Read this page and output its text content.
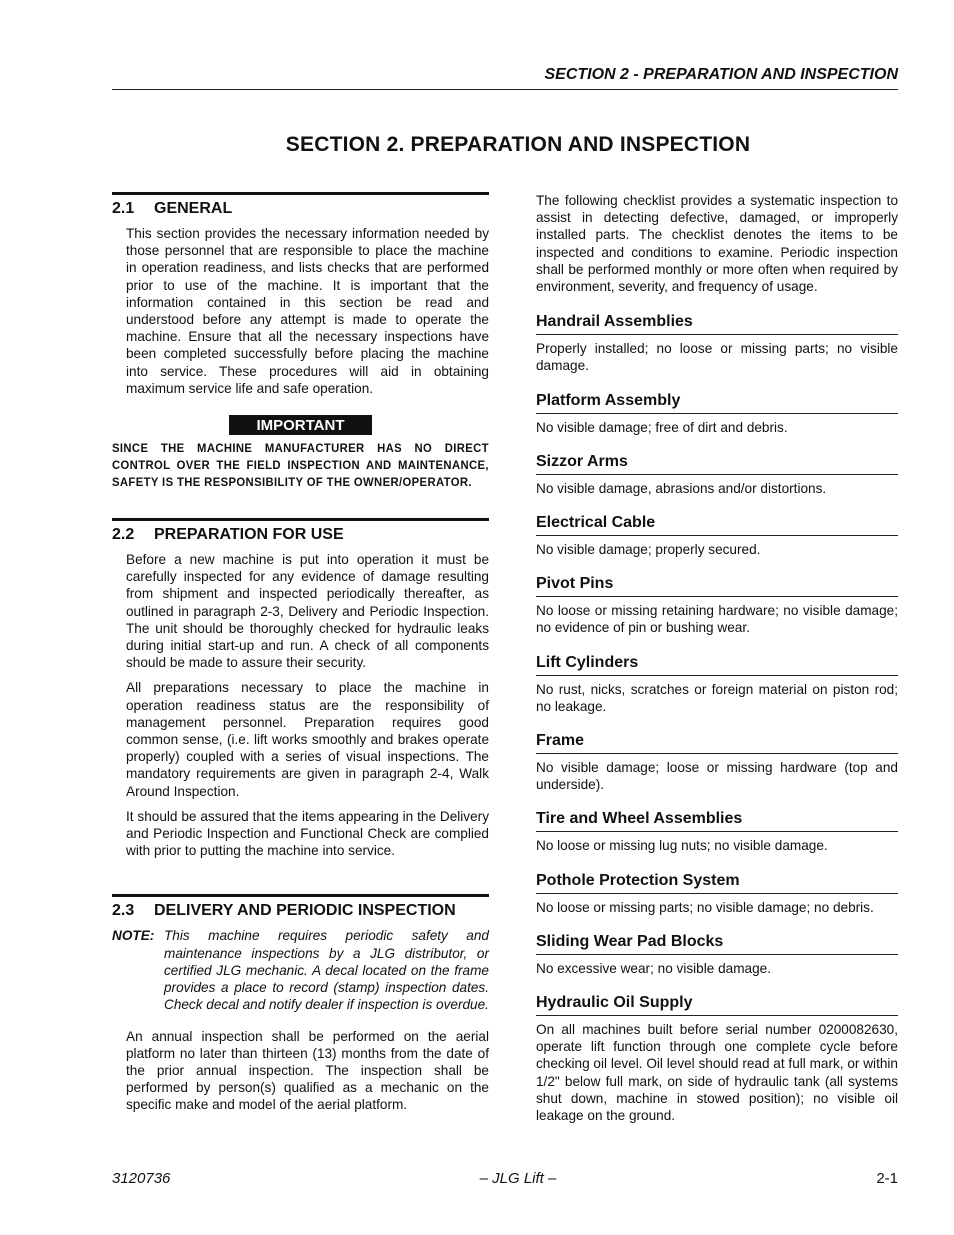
SECTION 2 - PREPARATION AND INSPECTION
SECTION 2. PREPARATION AND INSPECTION
2.1 GENERAL

This section provides the necessary information needed by those personnel that are responsible to place the machine in operation readiness, and lists checks that are performed prior to use of the machine. It is important that the information contained in this section be read and understood before any attempt is made to operate the machine. Ensure that all the necessary inspections have been completed successfully before placing the machine into service. These procedures will aid in obtaining maximum service life and safe operation.

IMPORTANT

SINCE THE MACHINE MANUFACTURER HAS NO DIRECT CONTROL OVER THE FIELD INSPECTION AND MAINTENANCE, SAFETY IS THE RESPONSIBILITY OF THE OWNER/OPERATOR.

2.2 PREPARATION FOR USE

Before a new machine is put into operation it must be carefully inspected for any evidence of damage resulting from shipment and inspected periodically thereafter, as outlined in paragraph 2-3, Delivery and Periodic Inspection. The unit should be thoroughly checked for hydraulic leaks during initial start-up and run. A check of all components should be made to assure their security.

All preparations necessary to place the machine in operation readiness status are the responsibility of management personnel. Preparation requires good common sense, (i.e. lift works smoothly and brakes operate properly) coupled with a series of visual inspections. The mandatory requirements are given in paragraph 2-4, Walk Around Inspection.

It should be assured that the items appearing in the Delivery and Periodic Inspection and Functional Check are complied with prior to putting the machine into service.

2.3 DELIVERY AND PERIODIC INSPECTION
NOTE: This machine requires periodic safety and maintenance inspections by a JLG distributor, or certified JLG mechanic. A decal located on the frame provides a place to record (stamp) inspection dates. Check decal and notify dealer if inspection is overdue.

An annual inspection shall be performed on the aerial platform no later than thirteen (13) months from the date of the prior annual inspection. The inspection shall be performed by person(s) qualified as a mechanic on the specific make and model of the aerial platform.

The following checklist provides a systematic inspection to assist in detecting defective, damaged, or improperly installed parts. The checklist denotes the items to be inspected and conditions to examine. Periodic inspection shall be performed monthly or more often when required by environment, severity, and frequency of usage.

Handrail Assemblies

Properly installed; no loose or missing parts; no visible damage.

Platform Assembly

No visible damage; free of dirt and debris.

Sizzor Arms

No visible damage, abrasions and/or distortions.

Electrical Cable

No visible damage; properly secured.

Pivot Pins

No loose or missing retaining hardware; no visible damage; no evidence of pin or bushing wear.

Lift Cylinders

No rust, nicks, scratches or foreign material on piston rod; no leakage.

Frame

No visible damage; loose or missing hardware (top and underside).

Tire and Wheel Assemblies

No loose or missing lug nuts; no visible damage.

Pothole Protection System

No loose or missing parts; no visible damage; no debris.

Sliding Wear Pad Blocks

No excessive wear; no visible damage.

Hydraulic Oil Supply

On all machines built before serial number 0200082630, operate lift function through one complete cycle before checking oil level. Oil level should read at full mark, or within 1/2" below full mark, on side of hydraulic tank (all systems shut down, machine in stowed position); no visible oil leakage on the ground.

3120736	– JLG Lift –	2-1
